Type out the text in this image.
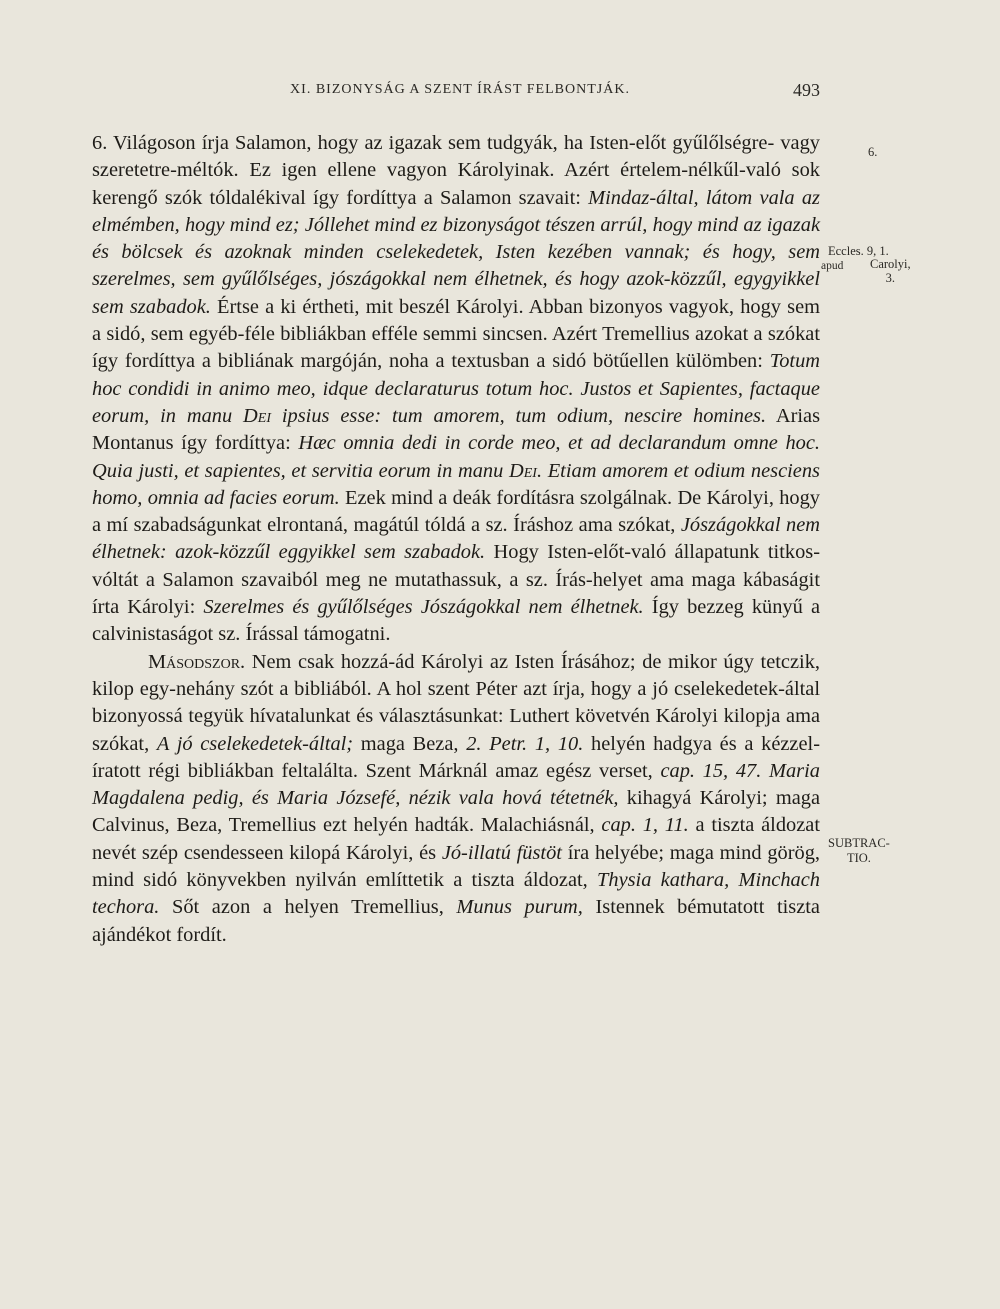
XI. BIZONYSÁG A SZENT ÍRÁST FELBONTJÁK.	493

6. Világoson írja Salamon, hogy az igazak sem tudgyák, ha Isten-előt gyűlőlségre- vagy szeretetre-méltók. Ez igen ellene vagyon Károlyinak. Azért értelem-nélkűl-való sok kerengő szók tóldalékival így fordíttya a Salamon szavait: Mindaz-által, látom vala az elmémben, hogy mind ez; Jóllehet mind ez bizonyságot tészen arrúl, hogy mind az igazak és bölcsek és azoknak minden cselekedetek, Isten kezében vannak; és hogy, sem szerelmes, sem gyűlőlséges, jószágokkal nem élhetnek, és hogy azok-közzűl, egygyikkel sem szabadok. Értse a ki értheti, mit beszél Károlyi. Abban bizonyos vagyok, hogy sem a sidó, sem egyéb-féle bibliákban efféle semmi sincsen. Azért Tremellius azokat a szókat így fordíttya a bibliának margóján, noha a textusban a sidó bötűellen külömben: Totum hoc condidi in animo meo, idque declaraturus totum hoc. Justos et Sapientes, factaque eorum, in manu Dei ipsius esse: tum amorem, tum odium, nescire homines. Arias Montanus így fordíttya: Hæc omnia dedi in corde meo, et ad declarandum omne hoc. Quia justi, et sapientes, et servitia eorum in manu Dei. Etiam amorem et odium nesciens homo, omnia ad facies eorum. Ezek mind a deák fordításra szolgálnak. De Károlyi, hogy a mí szabadságunkat elrontaná, magátúl tóldá a sz. Íráshoz ama szókat, Jószágokkal nem élhetnek: azok-közzűl eggyikkel sem szabadok. Hogy Isten-előt-való állapatunk titkos-vóltát a Salamon szavaiból meg ne mutathassuk, a sz. Írás-helyet ama maga kábaságit írta Károlyi: Szerelmes és gyűlőlséges Jószágokkal nem élhetnek. Így bezzeg künyű a calvinistaságot sz. Írással támogatni.

Másodszor. Nem csak hozzá-ád Károlyi az Isten Írásához; de mikor úgy tetczik, kilop egy-nehány szót a bibliából. A hol szent Péter azt írja, hogy a jó cselekedetek-által bizonyossá tegyük hívatalunkat és választásunkat: Luthert követvén Károlyi kilopja ama szókat, A jó cselekedetek-által; maga Beza, 2. Petr. 1, 10. helyén hadgya és a kézzel-íratott régi bibliákban feltalálta. Szent Márknál amaz egész verset, cap. 15, 47. Maria Magdalena pedig, és Maria Józsefé, nézik vala hová tétetnék, kihagyá Károlyi; maga Calvinus, Beza, Tremellius ezt helyén hadták. Malachiásnál, cap. 1, 11. a tiszta áldozat nevét szép csendesseen kilopá Károlyi, és Jó-illatú füstöt íra helyébe; maga mind görög, mind sidó könyvekben nyilván említtetik a tiszta áldozat, Thysia kathara, Minchach techora. Sőt azon a helyen Tremellius, Munus purum, Istennek bémutatott tiszta ajándékot fordít.

6.
Eccles. 9, 1.
apud Carolyi,
3.
SUBTRAC-
TIO.
